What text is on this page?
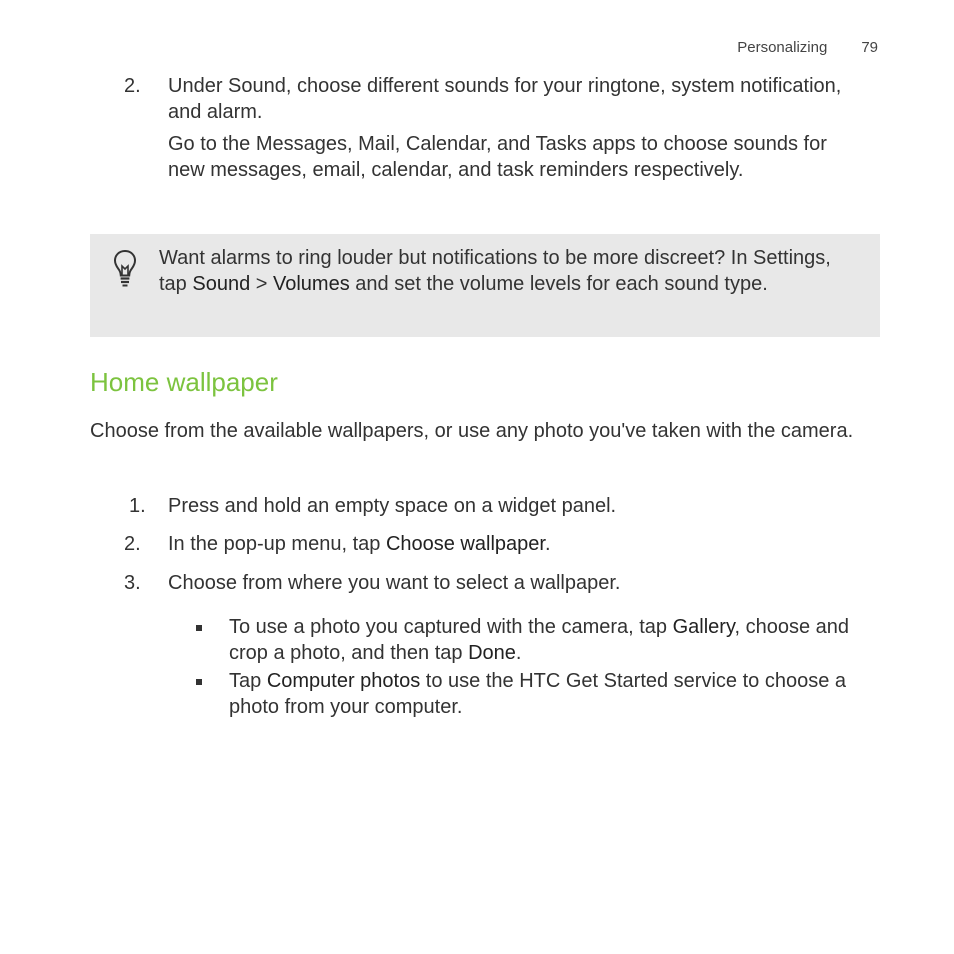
Personalizing 79
2.	Under Sound, choose different sounds for your ringtone, system notification, and alarm.
Go to the Messages, Mail, Calendar, and Tasks apps to choose sounds for new messages, email, calendar, and task reminders respectively.
Want alarms to ring louder but notifications to be more discreet? In Settings, tap Sound > Volumes and set the volume levels for each sound type.
Home wallpaper
Choose from the available wallpapers, or use any photo you've taken with the camera.
1.	Press and hold an empty space on a widget panel.
2.	In the pop-up menu, tap Choose wallpaper.
3.	Choose from where you want to select a wallpaper.
To use a photo you captured with the camera, tap Gallery, choose and crop a photo, and then tap Done.
Tap Computer photos to use the HTC Get Started service to choose a photo from your computer.
